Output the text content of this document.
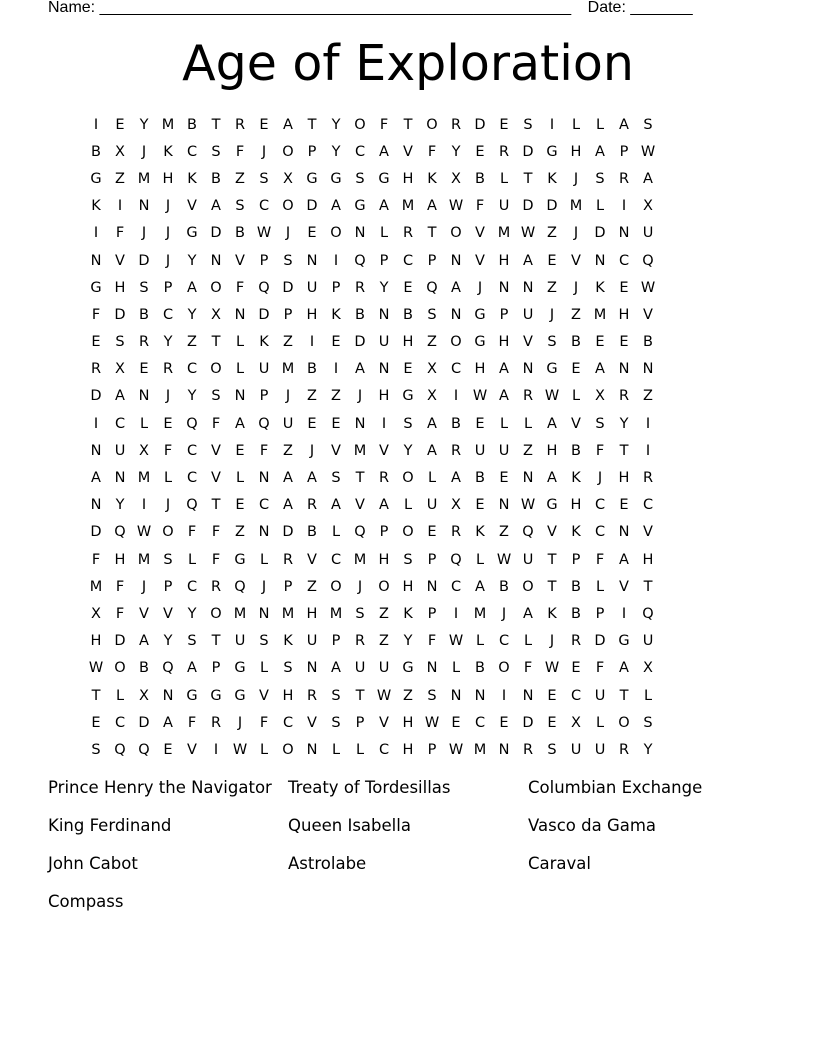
Name: _____________________________________________________ Date: _______
Age of Exploration
I	E	Y M B	T	R E A	T	Y O F	T O R D E	S	I	L	L	A S
B X	J	K C S	F	J	O P	Y	C A V	F	Y	E R D G H A	P W
G Z M H K B Z S X G G S G H K X B	L	T	K	J	S R A
K	I	N	J	V A S C O D A G A M A W F	U D D M L	I	X
I	F	J	J	G D B W	J	E O N	L	R	T O V M W Z	J	D N U
N V D	J	Y N V	P	S N	I	Q P	C	P N V H A E V N C Q
G H S	P	A O F Q D U P	R	Y	E Q A	J	N N Z	J	K	E W
F D B C	Y	X N D P H K B N B S N G P U	J	Z M H V
E	S R	Y	Z	T	L	K Z	I	E D U H Z O G H V S B E	E B
R X E R C O L	U M B	I	A N E X C H A N G E A N N
D A N	J	Y	S N P	J	Z Z	J	H G X	I	W A R W L	X R Z
I	C	L	E Q F	A Q U E	E N	I	S A B E	L	L	A V S	Y	I
N U X	F	C V E	F	Z	J	V M V	Y	A R U U Z H B	F	T	I
A N M L	C V	L	N A A S	T	R O L	A B E N A K	J	H R
N Y	I	J	Q T	E C A R A V A	L	U X E N W G H C E C
D Q W O F	F	Z N D B	L Q P O E R K Z Q V K C N V
F H M S	L	F G L	R V C M H S	P Q L W U T	P	F	A H
M F	J	P	C R Q	J	P	Z O	J	O H N C A B O T	B	L	V	T
X	F	V V	Y O M N M H M S Z K	P	I	M	J	A K B	P	I	Q
H D A	Y	S	T U S	K U P	R Z	Y	F W L	C	L	J	R D G U
W O B Q A	P G L	S N A U U G N	L	B O F W E	F	A X
T	L	X N G G G V H R S	T W Z S N N	I	N E C U T	L
E C D A	F	R	J	F	C V S	P	V H W E C E D E X	L O S
S Q Q E V	I	W L O N	L	L	C H P W M N R S U U R	Y
Prince Henry the Navigator Treaty of Tordesillas	Columbian Exchange
King Ferdinand	Queen Isabella	Vasco da Gama
John Cabot	Astrolabe	Caraval
Compass
